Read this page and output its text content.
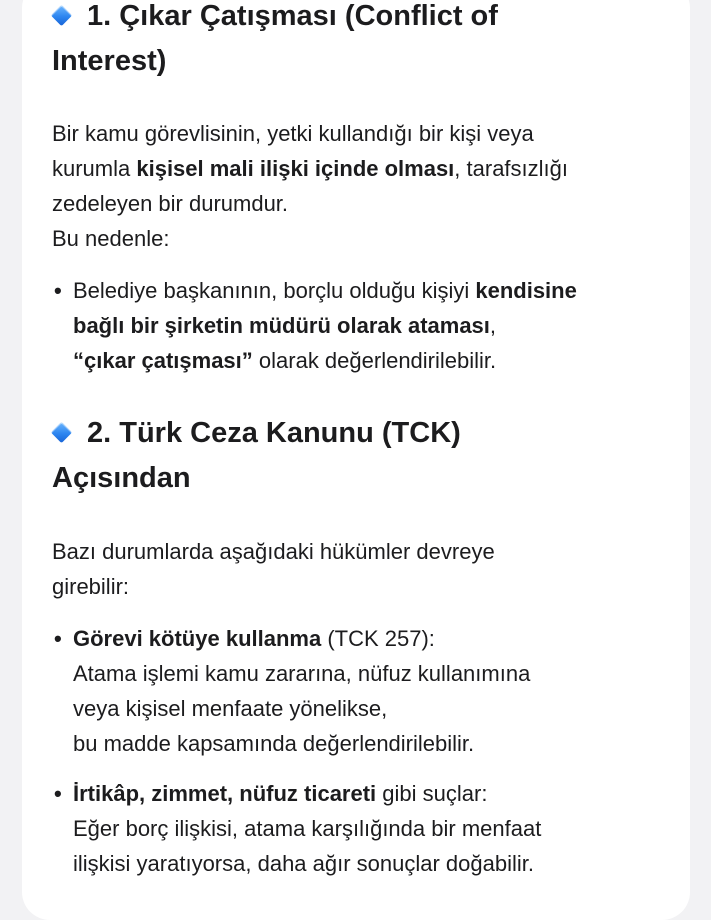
1. Çıkar Çatışması (Conflict of
Interest)
Bir kamu görevlisinin, yetki kullandığı bir kişi veya
kurumla kişisel mali ilişki içinde olması, tarafsızlığı
zedeleyen bir durumdur.
Bu nedenle:
• Belediye başkanının, borçlu olduğu kişiyi kendisine
bağlı bir şirketin müdürü olarak ataması,
“çıkar çatışması” olarak değerlendirilebilir.
2. Türk Ceza Kanunu (TCK)
Açısından
Bazı durumlarda aşağıdaki hükümler devreye
girebilir:
• Görevi kötüye kullanma (TCK 257):
Atama işlemi kamu zararına, nüfuz kullanımına
veya kişisel menfaate yönelikse,
bu madde kapsamında değerlendirilebilir.
• İrtikâp, zimmet, nüfuz ticareti gibi suçlar:
Eğer borç ilişkisi, atama karşılığında bir menfaat
ilişkisi yaratıyorsa, daha ağır sonuçlar doğabilir.
